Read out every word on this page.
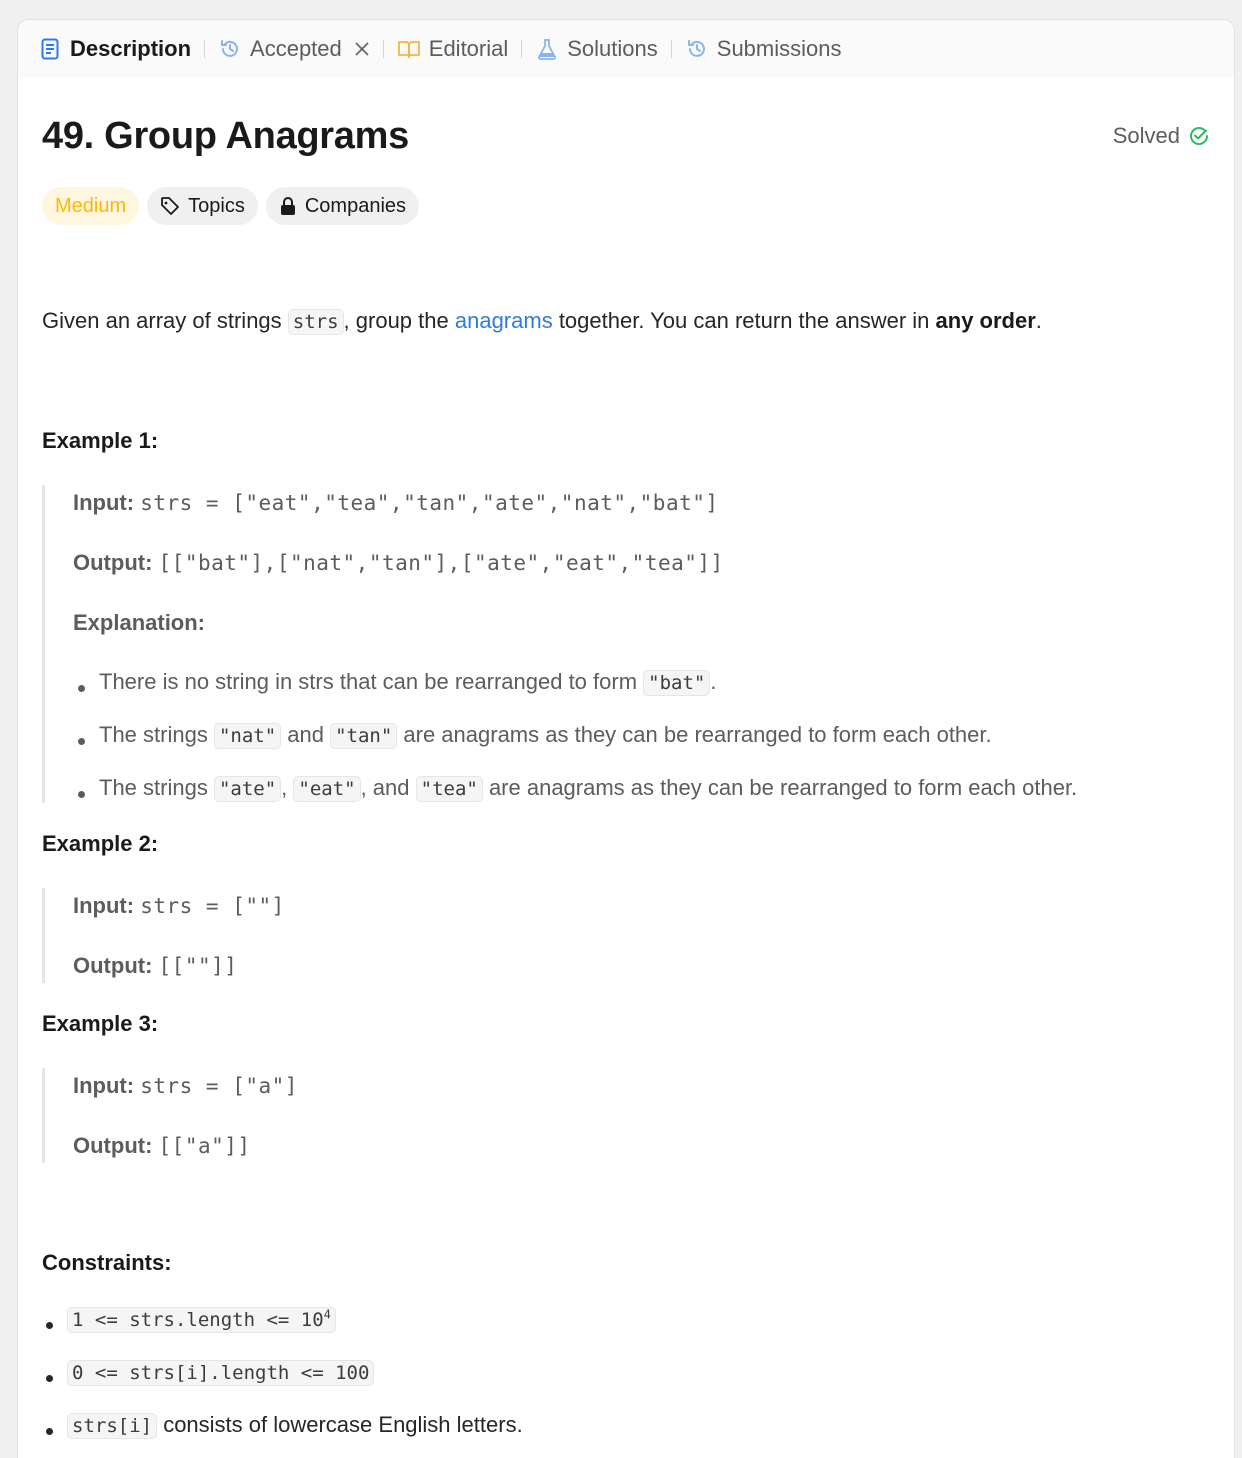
Description	Accepted	Editorial	Solutions	Submissions
49. Group Anagrams	Solved
Medium	Topics	Companies
Given an array of strings strs , group the anagrams together. You can return the answer in any order.
Example 1:
Input: strs = ["eat","tea","tan","ate","nat","bat"]
Output: [["bat"],["nat","tan"],["ate","eat","tea"]]
Explanation:
There is no string in strs that can be rearranged to form "bat" .
The strings "nat" and "tan" are anagrams as they can be rearranged to form each other.
The strings "ate" , "eat" , and "tea" are anagrams as they can be rearranged to form each other.
Example 2:
Input: strs = [""]
Output: [[""]]
Example 3:
Input: strs = ["a"]
Output: [["a"]]
Constraints:
1 <= strs.length <= $10^4$
0 <= strs[i].length <= 100
strs[i] consists of lowercase English letters.
